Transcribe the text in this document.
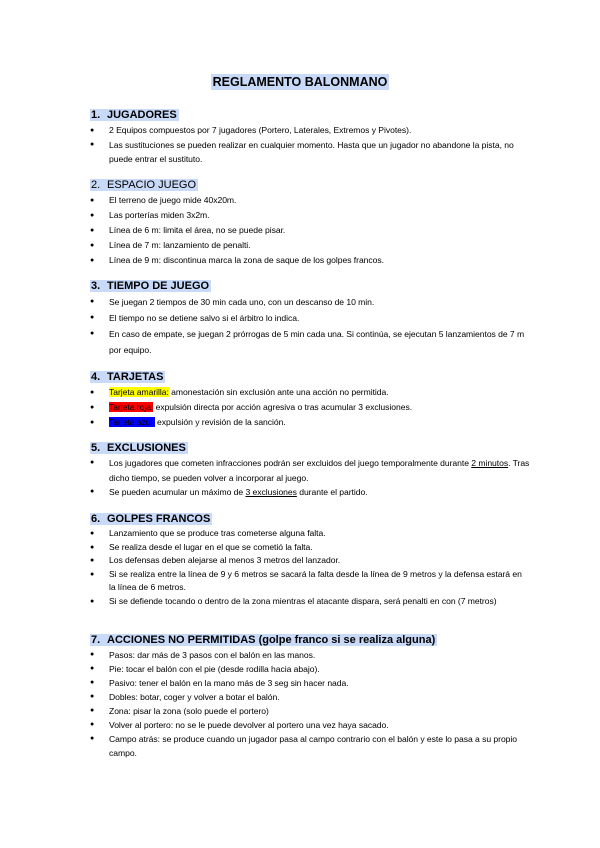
REGLAMENTO BALONMANO
1. JUGADORES
● 2 Equipos compuestos por 7 jugadores (Portero, Laterales, Extremos y Pivotes).
● Las sustituciones se pueden realizar en cualquier momento. Hasta que un jugador no abandone la pista, no puede entrar el sustituto.
2. ESPACIO JUEGO
● El terreno de juego mide 40x20m.
● Las porterías miden 3x2m.
● Línea de 6 m: limita el área, no se puede pisar.
● Línea de 7 m: lanzamiento de penalti.
● Línea de 9 m: discontinua marca la zona de saque de los golpes francos.
3. TIEMPO DE JUEGO
● Se juegan 2 tiempos de 30 min cada uno, con un descanso de 10 min.
● El tiempo no se detiene salvo si el árbitro lo indica.
● En caso de empate, se juegan 2 prórrogas de 5 min cada una. Si continúa, se ejecutan 5 lanzamientos de 7 m por equipo.
4. TARJETAS
● Tarjeta amarilla: amonestación sin exclusión ante una acción no permitida.
● Tarjeta roja: expulsión directa por acción agresiva o tras acumular 3 exclusiones.
● Tarjeta azul: expulsión y revisión de la sanción.
5. EXCLUSIONES
● Los jugadores que cometen infracciones podrán ser excluidos del juego temporalmente durante 2 minutos. Tras dicho tiempo, se pueden volver a incorporar al juego.
● Se pueden acumular un máximo de 3 exclusiones durante el partido.
6. GOLPES FRANCOS
● Lanzamiento que se produce tras cometerse alguna falta.
● Se realiza desde el lugar en el que se cometió la falta.
● Los defensas deben alejarse al menos 3 metros del lanzador.
● Si se realiza entre la línea de 9 y 6 metros se sacará la falta desde la línea de 9 metros y la defensa estará en la línea de 6 metros.
● Si se defiende tocando o dentro de la zona mientras el atacante dispara, será penalti en con (7 metros)
7. ACCIONES NO PERMITIDAS (golpe franco si se realiza alguna)
● Pasos: dar más de 3 pasos con el balón en las manos.
● Pie: tocar el balón con el pie (desde rodilla hacia abajo).
● Pasivo: tener el balón en la mano más de 3 seg sin hacer nada.
● Dobles: botar, coger y volver a botar el balón.
● Zona: pisar la zona (solo puede el portero)
● Volver al portero: no se le puede devolver al portero una vez haya sacado.
● Campo atrás: se produce cuando un jugador pasa al campo contrario con el balón y este lo pasa a su propio campo.
